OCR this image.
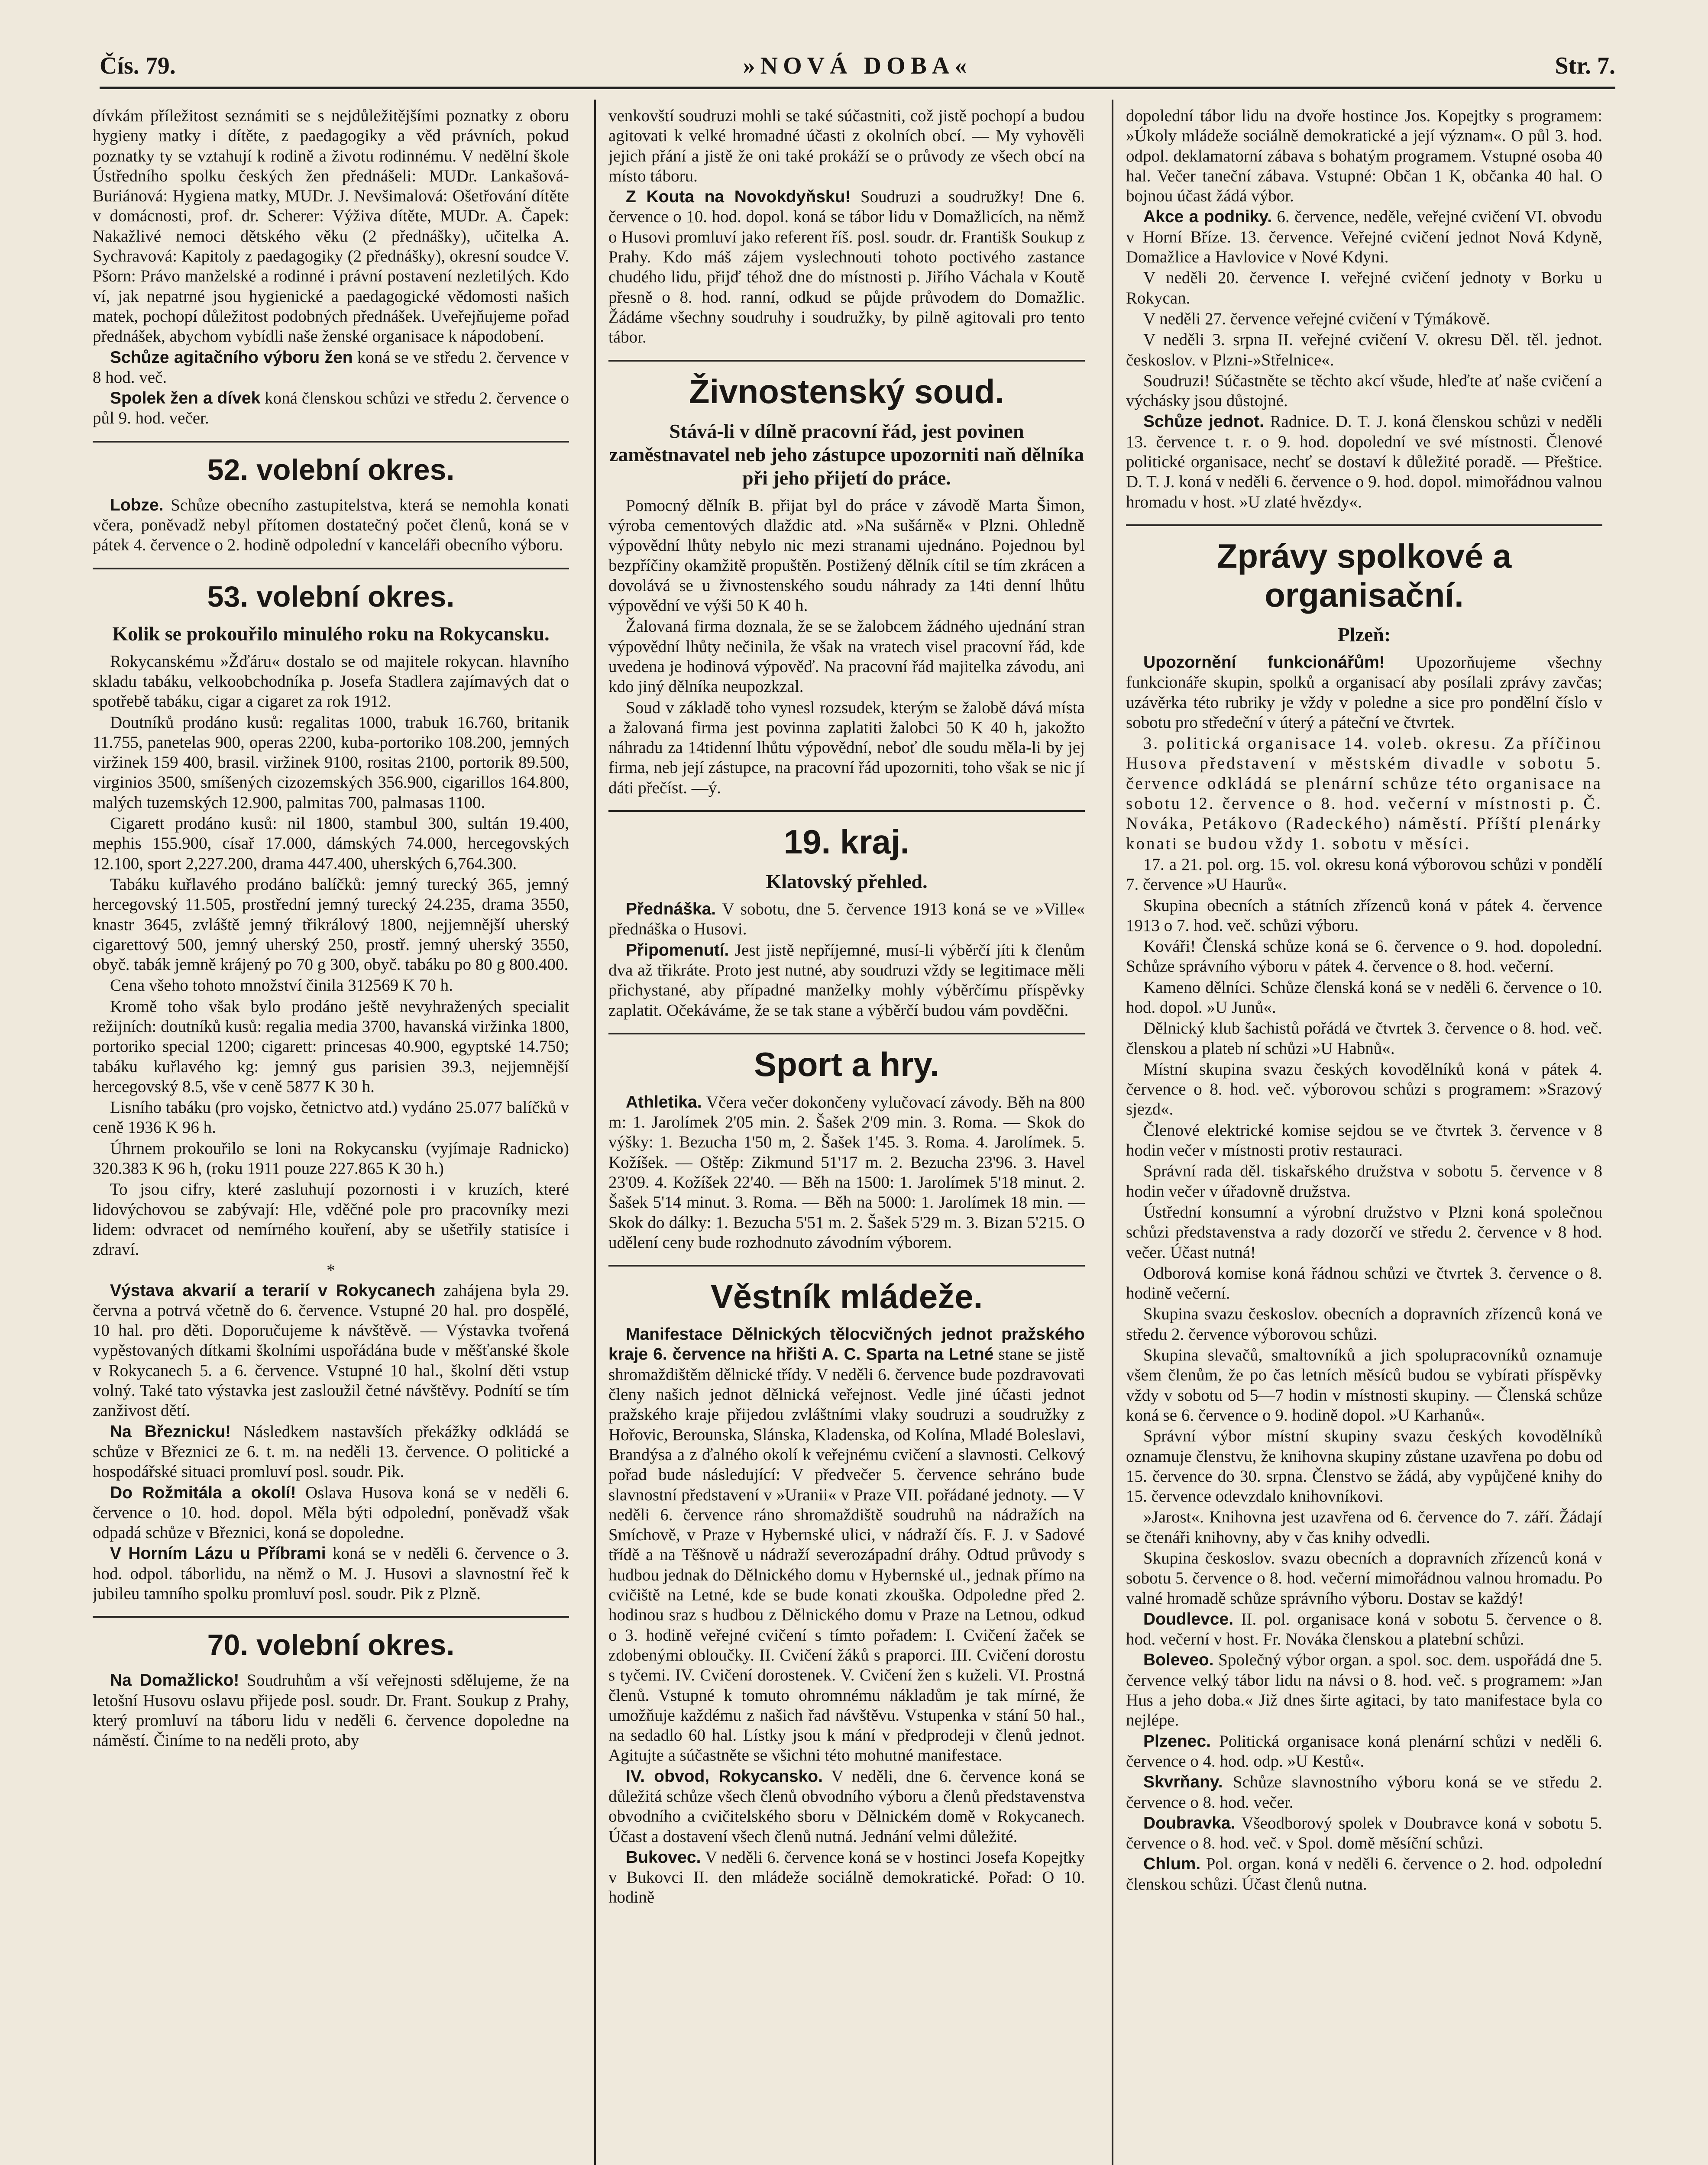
Čís. 79.	»NOVÁ DOBA«	Str. 7.

dívkám příležitost seznámiti se s nejdůležitějšími poznatky z oboru hygieny matky i dítěte, z paedagogiky a věd právních, pokud poznatky ty se vztahují k rodině a životu rodinnému. V nedělní škole Ústředního spolku českých žen přednášeli: MUDr. Lankašová-Buriánová: Hygiena matky, MUDr. J. Nevšimalová: Ošetřování dítěte v domácnosti, prof. dr. Scherer: Výživa dítěte, MUDr. A. Čapek: Nakažlivé nemoci dětského věku (2 přednášky), učitelka A. Sychravová: Kapitoly z paedagogiky (2 přednášky), okresní soudce V. Pšorn: Právo manželské a rodinné i právní postavení nezletilých. Kdo ví, jak nepatrné jsou hygienické a paedagogické vědomosti našich matek, pochopí důležitost podobných přednášek. Uveřejňujeme pořad přednášek, abychom vybídli naše ženské organisace k nápodobení.

Schůze agitačního výboru žen koná se ve středu 2. července v 8 hod. več.

Spolek žen a dívek koná členskou schůzi ve středu 2. července o půl 9. hod. večer.

52. volební okres.

Lobze. Schůze obecního zastupitelstva, která se nemohla konati včera, poněvadž nebyl přítomen dostatečný počet členů, koná se v pátek 4. července o 2. hodině odpolední v kanceláři obecního výboru.

53. volební okres.
Kolik se prokouřilo minulého roku na Rokycansku.

Rokycanskému »Žďáru« dostalo se od majitele rokycan. hlavního skladu tabáku, velkoobchodníka p. Josefa Stadlera zajímavých dat o spotřebě tabáku, cigar a cigaret za rok 1912.

Doutníků prodáno kusů: regalitas 1000, trabuk 16.760, britanik 11.755, panetelas 900, operas 2200, kuba-portoriko 108.200, jemných viržinek 159 400, brasil. viržinek 9100, rositas 2100, portorik 89.500, virginios 3500, smíšených cizozemských 356.900, cigarillos 164.800, malých tuzemských 12.900, palmitas 700, palmasas 1100.

Cigarett prodáno kusů: nil 1800, stambul 300, sultán 19.400, mephis 155.900, císař 17.000, dámských 74.000, hercegovských 12.100, sport 2,227.200, drama 447.400, uherských 6,764.300.

Tabáku kuřlavého prodáno balíčků: jemný turecký 365, jemný hercegovský 11.505, prostřední jemný turecký 24.235, drama 3550, knastr 3645, zvláště jemný třikrálový 1800, nejjemnější uherský cigarettový 500, jemný uherský 250, prostř. jemný uherský 3550, obyč. tabák jemně krájený po 70 g 300, obyč. tabáku po 80 g 800.400.

Cena všeho tohoto množství činila 312569 K 70 h.

Kromě toho však bylo prodáno ještě nevyhražených specialit režijních: doutníků kusů: regalia media 3700, havanská viržinka 1800, portoriko special 1200; cigarett: princesas 40.900, egyptské 14.750; tabáku kuřlavého kg: jemný gus parisien 39.3, nejjemnější hercegovský 8.5, vše v ceně 5877 K 30 h.

Lisního tabáku (pro vojsko, četnictvo atd.) vydáno 25.077 balíčků v ceně 1936 K 96 h.

Úhrnem prokouřilo se loni na Rokycansku (vyjímaje Radnicko) 320.383 K 96 h, (roku 1911 pouze 227.865 K 30 h.)

To jsou cifry, které zasluhují pozornosti i v kruzích, které lidovýchovou se zabývají: Hle, vděčné pole pro pracovníky mezi lidem: odvracet od nemírného kouření, aby se ušetřily statisíce i zdraví.

*

Výstava akvarií a terarií v Rokycanech zahájena byla 29. června a potrvá včetně do 6. července. Vstupné 20 hal. pro dospělé, 10 hal. pro děti. Doporučujeme k návštěvě. — Výstavka tvořená vypěstovaných dítkami školními uspořádána bude v měšťanské škole v Rokycanech 5. a 6. července. Vstupné 10 hal., školní děti vstup volný. Také tato výstavka jest zasloužil četné návštěvy. Podnítí se tím zanživost dětí.

Na Březnicku! Následkem nastavších překážky odkládá se schůze v Březnici ze 6. t. m. na neděli 13. července. O politické a hospodářské situaci promluví posl. soudr. Pik.

Do Rožmitála a okolí! Oslava Husova koná se v neděli 6. července o 10. hod. dopol. Měla býti odpolední, poněvadž však odpadá schůze v Březnici, koná se dopoledne.

V Horním Lázu u Příbrami koná se v neděli 6. července o 3. hod. odpol. táborlidu, na němž o M. J. Husovi a slavnostní řeč k jubileu tamního spolku promluví posl. soudr. Pik z Plzně.

70. volební okres.

Na Domažlicko! Soudruhům a vší veřejnosti sdělujeme, že na letošní Husovu oslavu přijede posl. soudr. Dr. Frant. Soukup z Prahy, který promluví na táboru lidu v neděli 6. července dopoledne na náměstí. Činíme to na neděli proto, aby

venkovští soudruzi mohli se také súčastniti, což jistě pochopí a budou agitovati k velké hromadné účasti z okolních obcí. — My vyhověli jejich přání a jistě že oni také prokáží se o průvody ze všech obcí na místo táboru.

Z Kouta na Novokdyňsku! Soudruzi a soudružky! Dne 6. července o 10. hod. dopol. koná se tábor lidu v Domažlicích, na němž o Husovi promluví jako referent říš. posl. soudr. dr. Františk Soukup z Prahy. Kdo máš zájem vyslechnouti tohoto poctivého zastance chudého lidu, přijď téhož dne do místnosti p. Jiřího Váchala v Koutě přesně o 8. hod. ranní, odkud se půjde průvodem do Domažlic. Žádáme všechny soudruhy i soudružky, by pilně agitovali pro tento tábor.

Živnostenský soud.
Stává-li v dílně pracovní řád, jest povinen zaměstnavatel neb jeho zástupce upozorniti naň dělníka při jeho přijetí do práce.

Pomocný dělník B. přijat byl do práce v závodě Marta Šimon, výroba cementových dlaždic atd. »Na sušárně« v Plzni. Ohledně výpovědní lhůty nebylo nic mezi stranami ujednáno. Pojednou byl bezpříčiny okamžitě propuštěn. Postižený dělník cítil se tím zkrácen a dovolává se u živnostenského soudu náhrady za 14ti denní lhůtu výpovědní ve výši 50 K 40 h.

Žalovaná firma doznala, že se se žalobcem žádného ujednání stran výpovědní lhůty nečinila, že však na vratech visel pracovní řád, kde uvedena je hodinová výpověď. Na pracovní řád majitelka závodu, ani kdo jiný dělníka neupozkzal.

Soud v základě toho vynesl rozsudek, kterým se žalobě dává místa a žalovaná firma jest povinna zaplatiti žalobci 50 K 40 h, jakožto náhradu za 14tidenní lhůtu výpovědní, neboť dle soudu měla-li by jej firma, neb její zástupce, na pracovní řád upozorniti, toho však se nic jí dáti přečíst. —ý.

19. kraj.
Klatovský přehled.

Přednáška. V sobotu, dne 5. července 1913 koná se ve »Ville« přednáška o Husovi.

Připomenutí. Jest jistě nepříjemné, musí-li výběrčí jíti k členům dva až třikráte. Proto jest nutné, aby soudruzi vždy se legitimace měli přichystané, aby případné manželky mohly výběrčímu příspěvky zaplatit. Očekáváme, že se tak stane a výběrčí budou vám povděčni.

Sport a hry.

Athletika. Včera večer dokončeny vylučovací závody. Běh na 800 m: 1. Jarolímek 2'05 min. 2. Šašek 2'09 min. 3. Roma. — Skok do výšky: 1. Bezucha 1'50 m, 2. Šašek 1'45. 3. Roma. 4. Jarolímek. 5. Kožíšek. — Oštěp: Zikmund 51'17 m. 2. Bezucha 23'96. 3. Havel 23'09. 4. Kožíšek 22'40. — Běh na 1500: 1. Jarolímek 5'18 minut. 2. Šašek 5'14 minut. 3. Roma. — Běh na 5000: 1. Jarolímek 18 min. — Skok do dálky: 1. Bezucha 5'51 m. 2. Šašek 5'29 m. 3. Bizan 5'215. O udělení ceny bude rozhodnuto závodním výborem.

Věstník mládeže.

Manifestace Dělnických tělocvičných jednot pražského kraje 6. července na hřišti A. C. Sparta na Letné stane se jistě shromaždištěm dělnické třídy. V neděli 6. července bude pozdravovati členy našich jednot dělnická veřejnost. Vedle jiné účasti jednot pražského kraje přijedou zvláštními vlaky soudruzi a soudružky z Hořovic, Berounska, Slánska, Kladenska, od Kolína, Mladé Boleslavi, Brandýsa a z ďalného okolí k veřejnému cvičení a slavnosti. Celkový pořad bude následující: V předvečer 5. července sehráno bude slavnostní představení v »Uranii« v Praze VII. pořádané jednoty. — V neděli 6. července ráno shromaždiště soudruhů na nádražích na Smíchově, v Praze v Hybernské ulici, v nádraží čís. F. J. v Sadové třídě a na Těšnově u nádraží severozápadní dráhy. Odtud průvody s hudbou jednak do Dělnického domu v Hybernské ul., jednak přímo na cvičiště na Letné, kde se bude konati zkouška. Odpoledne před 2. hodinou sraz s hudbou z Dělnického domu v Praze na Letnou, odkud o 3. hodině veřejné cvičení s tímto pořadem: I. Cvičení žaček se zdobenými obloučky. II. Cvičení žáků s praporci. III. Cvičení dorostu s tyčemi. IV. Cvičení dorostenek. V. Cvičení žen s kuželi. VI. Prostná členů. Vstupné k tomuto ohromnému nákladům je tak mírné, že umožňuje každému z našich řad návštěvu. Vstupenka v stání 50 hal., na sedadlo 60 hal. Lístky jsou k mání v předprodeji v členů jednot. Agitujte a súčastněte se všichni této mohutné manifestace.

IV. obvod, Rokycansko. V neděli, dne 6. července koná se důležitá schůze všech členů obvodního výboru a členů představenstva obvodního a cvičitelského sboru v Dělnickém domě v Rokycanech. Účast a dostavení všech členů nutná. Jednání velmi důležité.

Bukovec. V neděli 6. července koná se v hostinci Josefa Kopejtky v Bukovci II. den mládeže sociálně demokratické. Pořad: O 10. hodině

dopolední tábor lidu na dvoře hostince Jos. Kopejtky s programem: »Úkoly mládeže sociálně demokratické a její význam«. O půl 3. hod. odpol. deklamatorní zábava s bohatým programem. Vstupné osoba 40 hal. Večer taneční zábava. Vstupné: Občan 1 K, občanka 40 hal. O bojnou účast žádá výbor.

Akce a podniky. 6. července, neděle, veřejné cvičení VI. obvodu v Horní Bříze. 13. července. Veřejné cvičení jednot Nová Kdyně, Domažlice a Havlovice v Nové Kdyni.

V neděli 20. července I. veřejné cvičení jednoty v Borku u Rokycan.

V neděli 27. července veřejné cvičení v Týmákově.

V neděli 3. srpna II. veřejné cvičení V. okresu Děl. těl. jednot. českoslov. v Plzni-»Střelnice«.

Soudruzi! Súčastněte se těchto akcí všude, hleďte ať naše cvičení a výchásky jsou důstojné.

Schůze jednot. Radnice. D. T. J. koná členskou schůzi v neděli 13. července t. r. o 9. hod. dopolední ve své místnosti. Členové politické organisace, nechť se dostaví k důležité poradě. — Přeštice. D. T. J. koná v neděli 6. července o 9. hod. dopol. mimořádnou valnou hromadu v host. »U zlaté hvězdy«.

Zprávy spolkové a organisační.
Plzeň:

Upozornění funkcionářům! Upozorňujeme všechny funkcionáře skupin, spolků a organisací aby posílali zprávy zavčas; uzávěrka této rubriky je vždy v poledne a sice pro pondělní číslo v sobotu pro středeční v úterý a páteční ve čtvrtek.

3. politická organisace 14. voleb. okresu. Za příčinou Husova představení v městském divadle v sobotu 5. července odkládá se plenární schůze této organisace na sobotu 12. července o 8. hod. večerní v místnosti p. Č. Nováka, Petákovo (Radeckého) náměstí. Příští plenárky konati se budou vždy 1. sobotu v měsíci.

17. a 21. pol. org. 15. vol. okresu koná výborovou schůzi v pondělí 7. července »U Haurů«.

Skupina obecních a státních zřízenců koná v pátek 4. července 1913 o 7. hod. več. schůzi výboru.

Kováři! Členská schůze koná se 6. července o 9. hod. dopolední. Schůze správního výboru v pátek 4. července o 8. hod. večerní.

Kameno dělníci. Schůze členská koná se v neděli 6. července o 10. hod. dopol. »U Junů«.

Dělnický klub šachistů pořádá ve čtvrtek 3. července o 8. hod. več. členskou a plateb ní schůzi »U Habnů«.

Místní skupina svazu českých kovodělníků koná v pátek 4. července o 8. hod. več. výborovou schůzi s programem: »Srazový sjezd«.

Členové elektrické komise sejdou se ve čtvrtek 3. července v 8 hodin večer v místnosti protiv restauraci.

Správní rada děl. tiskařského družstva v sobotu 5. července v 8 hodin večer v úřadovně družstva.

Ústřední konsumní a výrobní družstvo v Plzni koná společnou schůzi představenstva a rady dozorčí ve středu 2. července v 8 hod. večer. Účast nutná!

Odborová komise koná řádnou schůzi ve čtvrtek 3. července o 8. hodině večerní.

Skupina svazu českoslov. obecních a dopravních zřízenců koná ve středu 2. července výborovou schůzi.

Skupina slevačů, smaltovníků a jich spolupracovníků oznamuje všem členům, že po čas letních měsíců budou se vybírati příspěvky vždy v sobotu od 5—7 hodin v místnosti skupiny. — Členská schůze koná se 6. července o 9. hodině dopol. »U Karhanů«.

Správní výbor místní skupiny svazu českých kovodělníků oznamuje členstvu, že knihovna skupiny zůstane uzavřena po dobu od 15. července do 30. srpna. Členstvo se žádá, aby vypůjčené knihy do 15. července odevzdalo knihovníkovi.

»Jarost«. Knihovna jest uzavřena od 6. července do 7. září. Žádají se čtenáři knihovny, aby v čas knihy odvedli.

Skupina českoslov. svazu obecních a dopravních zřízenců koná v sobotu 5. července o 8. hod. večerní mimořádnou valnou hromadu. Po valné hromadě schůze správního výboru. Dostav se každý!

Doudlevce. II. pol. organisace koná v sobotu 5. července o 8. hod. večerní v host. Fr. Nováka členskou a platební schůzi.

Boleveo. Společný výbor organ. a spol. soc. dem. uspořádá dne 5. července velký tábor lidu na návsi o 8. hod. več. s programem: »Jan Hus a jeho doba.« Již dnes širte agitaci, by tato manifestace byla co nejlépe.

Plzenec. Politická organisace koná plenární schůzi v neděli 6. července o 4. hod. odp. »U Kestů«.

Skvrňany. Schůze slavnostního výboru koná se ve středu 2. července o 8. hod. večer.

Doubravka. Všeodborový spolek v Doubravce koná v sobotu 5. července o 8. hod. več. v Spol. domě měsíční schůzi.

Chlum. Pol. organ. koná v neděli 6. července o 2. hod. odpolední členskou schůzi. Účast členů nutna.
